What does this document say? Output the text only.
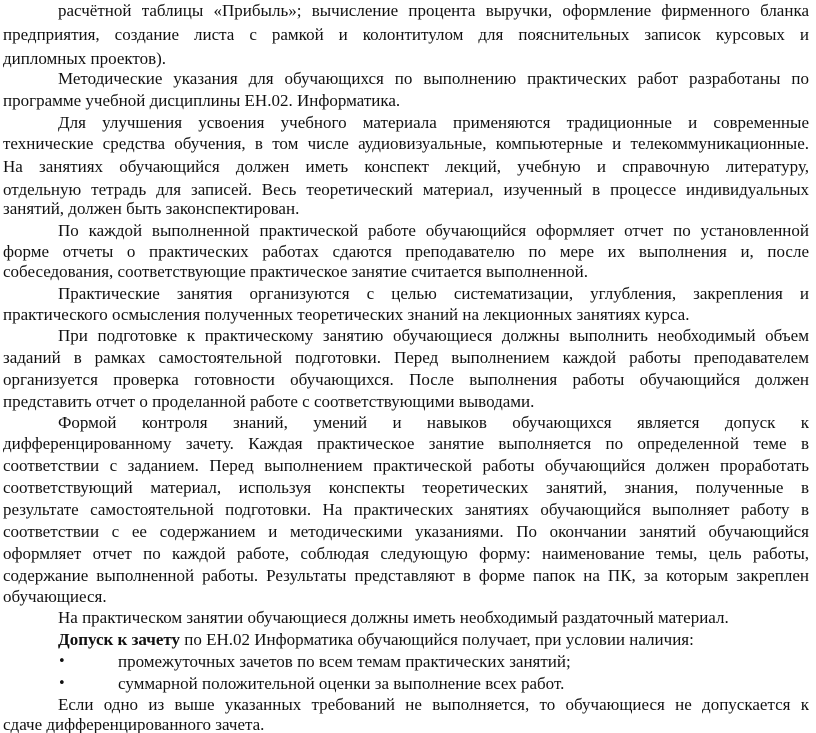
расчётной таблицы «Прибыль»; вычисление процента выручки, оформление фирменного бланка
предприятия, создание листа с рамкой и колонтитулом для пояснительных записок курсовых и
дипломных проектов).
Методические указания для обучающихся по выполнению практических работ разработаны по
программе учебной дисциплины ЕН.02. Информатика.
Для улучшения усвоения учебного материала применяются традиционные и современные
технические средства обучения, в том числе аудиовизуальные, компьютерные и телекоммуникационные.
На занятиях обучающийся должен иметь конспект лекций, учебную и справочную литературу,
отдельную тетрадь для записей. Весь теоретический материал, изученный в процессе индивидуальных
занятий, должен быть законспектирован.
По каждой выполненной практической работе обучающийся оформляет отчет по установленной
форме отчеты о практических работах сдаются преподавателю по мере их выполнения и, после
собеседования, соответствующие практическое занятие считается выполненной.
Практические занятия организуются с целью систематизации, углубления, закрепления и
практического осмысления полученных теоретических знаний на лекционных занятиях курса.
При подготовке к практическому занятию обучающиеся должны выполнить необходимый объем
заданий в рамках самостоятельной подготовки. Перед выполнением каждой работы преподавателем
организуется проверка готовности обучающихся. После выполнения работы обучающийся должен
представить отчет о проделанной работе с соответствующими выводами.
Формой контроля знаний, умений и навыков обучающихся является допуск к
дифференцированному зачету. Каждая практическое занятие выполняется по определенной теме в
соответствии с заданием. Перед выполнением практической работы обучающийся должен проработать
соответствующий материал, используя конспекты теоретических занятий, знания, полученные в
результате самостоятельной подготовки. На практических занятиях обучающийся выполняет работу в
соответствии с ее содержанием и методическими указаниями. По окончании занятий обучающийся
оформляет отчет по каждой работе, соблюдая следующую форму: наименование темы, цель работы,
содержание выполненной работы. Результаты представляют в форме папок на ПК, за которым закреплен
обучающиеся.
На практическом занятии обучающиеся должны иметь необходимый раздаточный материал.
Допуск к зачету по ЕН.02 Информатика обучающийся получает, при условии наличия:
•	промежуточных зачетов по всем темам практических занятий;
•	суммарной положительной оценки за выполнение всех работ.
Если одно из выше указанных требований не выполняется, то обучающиеся не допускается к
сдаче дифференцированного зачета.
